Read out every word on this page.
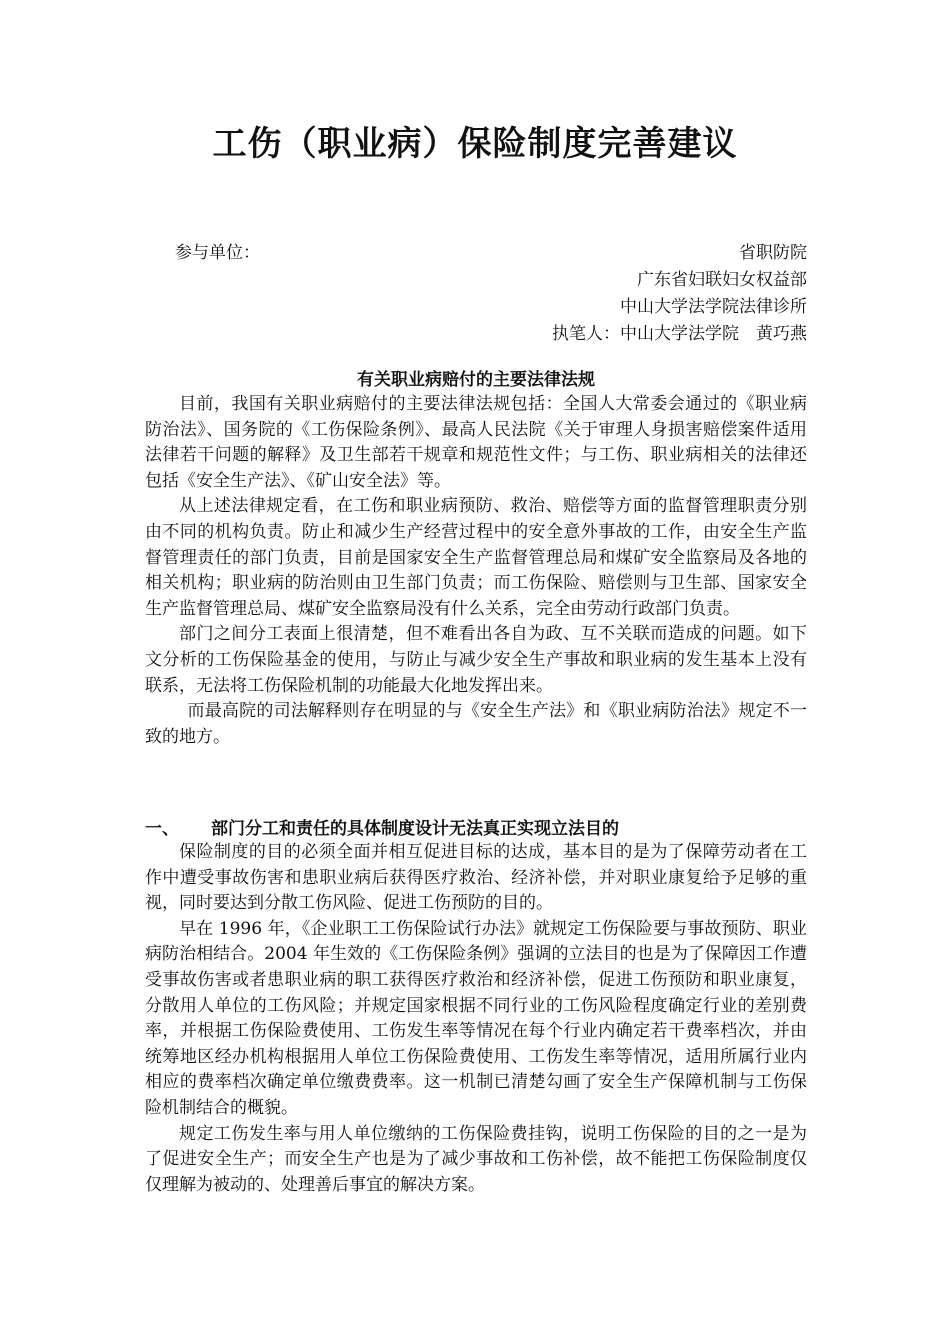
工伤（职业病）保险制度完善建议
参与单位：	省职防院
广东省妇联妇女权益部
中山大学法学院法律诊所
执笔人：中山大学法学院　黄巧燕
有关职业病赔付的主要法律法规

目前，我国有关职业病赔付的主要法律法规包括：全国人大常委会通过的《职业病防治法》、国务院的《工伤保险条例》、最高人民法院《关于审理人身损害赔偿案件适用法律若干问题的解释》及卫生部若干规章和规范性文件；与工伤、职业病相关的法律还包括《安全生产法》、《矿山安全法》等。

从上述法律规定看，在工伤和职业病预防、救治、赔偿等方面的监督管理职责分别由不同的机构负责。防止和减少生产经营过程中的安全意外事故的工作，由安全生产监督管理责任的部门负责，目前是国家安全生产监督管理总局和煤矿安全监察局及各地的相关机构；职业病的防治则由卫生部门负责；而工伤保险、赔偿则与卫生部、国家安全生产监督管理总局、煤矿安全监察局没有什么关系，完全由劳动行政部门负责。

部门之间分工表面上很清楚，但不难看出各自为政、互不关联而造成的问题。如下文分析的工伤保险基金的使用，与防止与减少安全生产事故和职业病的发生基本上没有联系，无法将工伤保险机制的功能最大化地发挥出来。

而最高院的司法解释则存在明显的与《安全生产法》和《职业病防治法》规定不一致的地方。

一、 部门分工和责任的具体制度设计无法真正实现立法目的

保险制度的目的必须全面并相互促进目标的达成，基本目的是为了保障劳动者在工作中遭受事故伤害和患职业病后获得医疗救治、经济补偿，并对职业康复给予足够的重视，同时要达到分散工伤风险、促进工伤预防的目的。

早在 1996 年，《企业职工工伤保险试行办法》就规定工伤保险要与事故预防、职业病防治相结合。2004 年生效的《工伤保险条例》强调的立法目的也是为了保障因工作遭受事故伤害或者患职业病的职工获得医疗救治和经济补偿，促进工伤预防和职业康复，分散用人单位的工伤风险；并规定国家根据不同行业的工伤风险程度确定行业的差别费率，并根据工伤保险费使用、工伤发生率等情况在每个行业内确定若干费率档次，并由统筹地区经办机构根据用人单位工伤保险费使用、工伤发生率等情况，适用所属行业内相应的费率档次确定单位缴费费率。这一机制已清楚勾画了安全生产保障机制与工伤保险机制结合的概貌。

规定工伤发生率与用人单位缴纳的工伤保险费挂钩，说明工伤保险的目的之一是为了促进安全生产；而安全生产也是为了减少事故和工伤补偿，故不能把工伤保险制度仅仅理解为被动的、处理善后事宜的解决方案。
